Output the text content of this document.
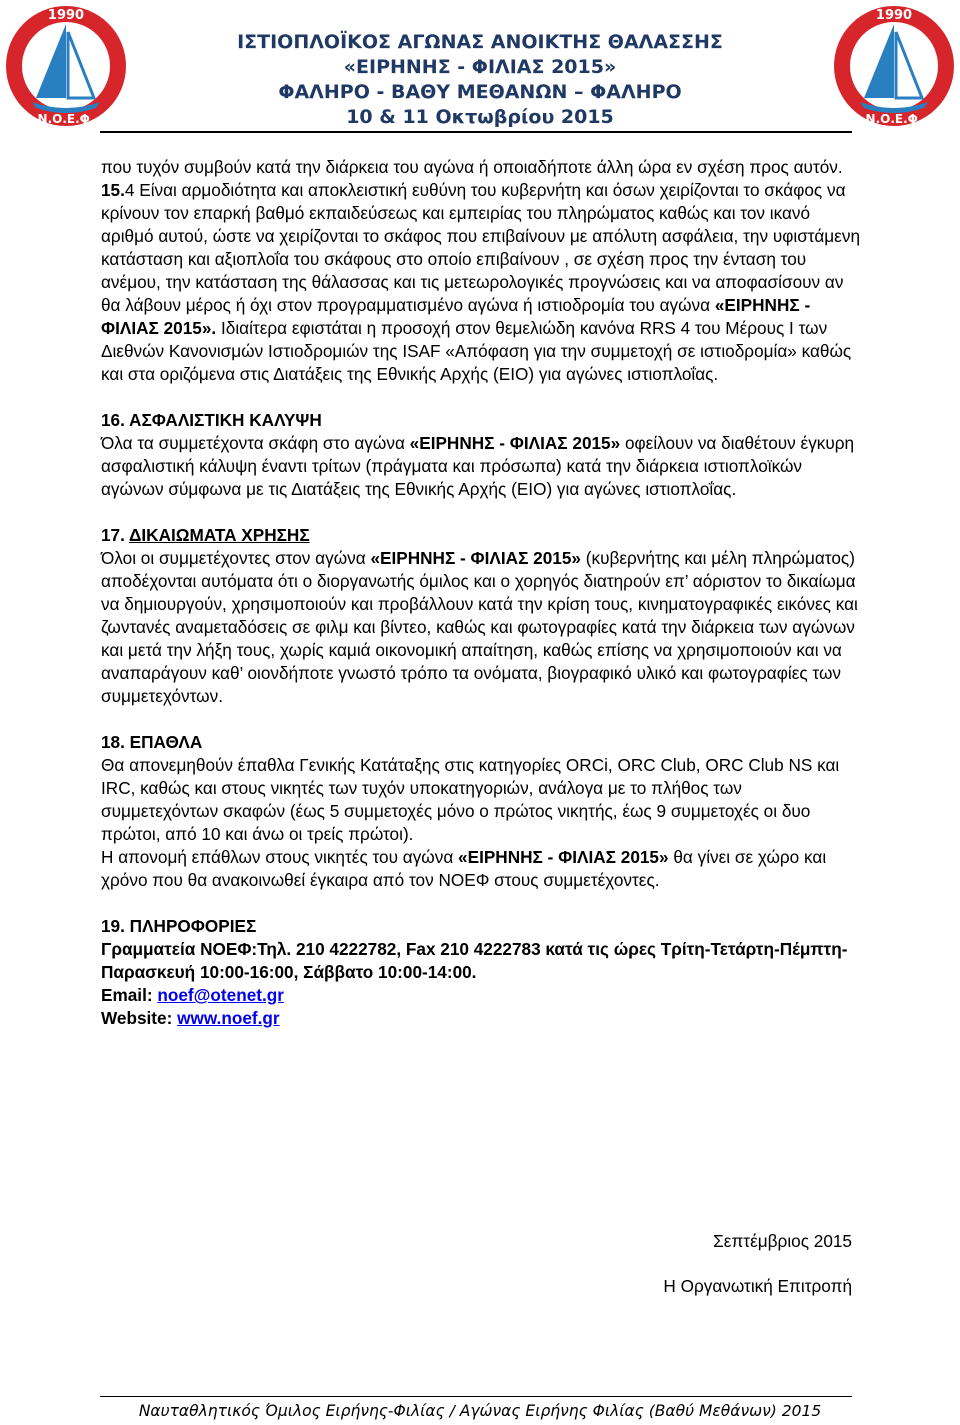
1990
Ν.Ο.Ε.Φ.
1990
Ν.Ο.Ε.Φ.
ΙΣΤΙΟΠΛΟΪΚΟΣ ΑΓΩΝΑΣ ΑΝΟΙΚΤΗΣ ΘΑΛΑΣΣΗΣ
«ΕΙΡΗΝΗΣ - ΦΙΛΙΑΣ 2015»
ΦΑΛΗΡΟ - ΒΑΘΥ ΜΕΘΑΝΩΝ – ΦΑΛΗΡΟ
10 & 11 Οκτωβρίου 2015

που τυχόν συμβούν κατά την διάρκεια του αγώνα ή οποιαδήποτε άλλη ώρα εν σχέση προς αυτόν.

15.4 Είναι αρμοδιότητα και αποκλειστική ευθύνη του κυβερνήτη και όσων χειρίζονται το σκάφος να κρίνουν τον επαρκή βαθμό εκπαιδεύσεως και εμπειρίας του πληρώματος καθώς και τον ικανό αριθμό αυτού, ώστε να χειρίζονται το σκάφος που επιβαίνουν με απόλυτη ασφάλεια, την υφιστάμενη κατάσταση και αξιοπλοΐα του σκάφους στο οποίο επιβαίνουν , σε σχέση προς την ένταση του ανέμου, την κατάσταση της θάλασσας και τις μετεωρολογικές προγνώσεις και να αποφασίσουν αν θα λάβουν μέρος ή όχι στον προγραμματισμένο αγώνα ή ιστιοδρομία του αγώνα «ΕΙΡΗΝΗΣ - ΦΙΛΙΑΣ 2015». Ιδιαίτερα εφιστάται η προσοχή στον θεμελιώδη κανόνα RRS 4 του Μέρους Ι των Διεθνών Κανονισμών Ιστιοδρομιών της ISAF «Απόφαση για την συμμετοχή σε ιστιοδρομία» καθώς και στα οριζόμενα στις Διατάξεις της Εθνικής Αρχής (ΕΙΟ) για αγώνες ιστιοπλοΐας.

16. ΑΣΦΑΛΙΣΤΙΚΗ ΚΑΛΥΨΗ

Όλα τα συμμετέχοντα σκάφη στο αγώνα «ΕΙΡΗΝΗΣ - ΦΙΛΙΑΣ 2015» οφείλουν να διαθέτουν έγκυρη ασφαλιστική κάλυψη έναντι τρίτων (πράγματα και πρόσωπα) κατά την διάρκεια ιστιοπλοϊκών αγώνων σύμφωνα με τις Διατάξεις της Εθνικής Αρχής (ΕΙΟ) για αγώνες ιστιοπλοΐας.

17. ΔΙΚΑΙΩΜΑΤΑ ΧΡΗΣΗΣ

Όλοι οι συμμετέχοντες στον αγώνα «ΕΙΡΗΝΗΣ - ΦΙΛΙΑΣ 2015» (κυβερνήτης και μέλη πληρώματος) αποδέχονται αυτόματα ότι ο διοργανωτής όμιλος και ο χορηγός διατηρούν επ’ αόριστον το δικαίωμα να δημιουργούν, χρησιμοποιούν και προβάλλουν κατά την κρίση τους, κινηματογραφικές εικόνες και ζωντανές αναμεταδόσεις σε φιλμ και βίντεο, καθώς και φωτογραφίες κατά την διάρκεια των αγώνων και μετά την λήξη τους, χωρίς καμιά οικονομική απαίτηση, καθώς επίσης να χρησιμοποιούν και να αναπαράγουν καθ’ οιονδήποτε γνωστό τρόπο τα ονόματα, βιογραφικό υλικό και φωτογραφίες των συμμετεχόντων.

18. ΕΠΑΘΛΑ

Θα απονεμηθούν έπαθλα Γενικής Κατάταξης στις κατηγορίες ORCi, ORC Club, ORC Club NS και IRC, καθώς και στους νικητές των τυχόν υποκατηγοριών, ανάλογα με το πλήθος των συμμετεχόντων σκαφών (έως 5 συμμετοχές μόνο ο πρώτος νικητής, έως 9 συμμετοχές οι δυο πρώτοι, από 10 και άνω οι τρείς πρώτοι).

Η απονομή επάθλων στους νικητές του αγώνα «ΕΙΡΗΝΗΣ - ΦΙΛΙΑΣ 2015» θα γίνει σε χώρο και χρόνο που θα ανακοινωθεί έγκαιρα από τον ΝΟΕΦ στους συμμετέχοντες.

19. ΠΛΗΡΟΦΟΡΙΕΣ

Γραμματεία ΝΟΕΦ:Τηλ. 210 4222782, Fax 210 4222783 κατά τις ώρες Τρίτη-Τετάρτη-Πέμπτη-Παρασκευή 10:00-16:00, Σάββατο 10:00-14:00.

Email: noef@otenet.gr

Website: www.noef.gr

Σεπτέμβριος 2015
Η Οργανωτική Επιτροπή
Ναυταθλητικός Όμιλος Ειρήνης-Φιλίας / Αγώνας Ειρήνης Φιλίας (Βαθύ Μεθάνων) 2015
